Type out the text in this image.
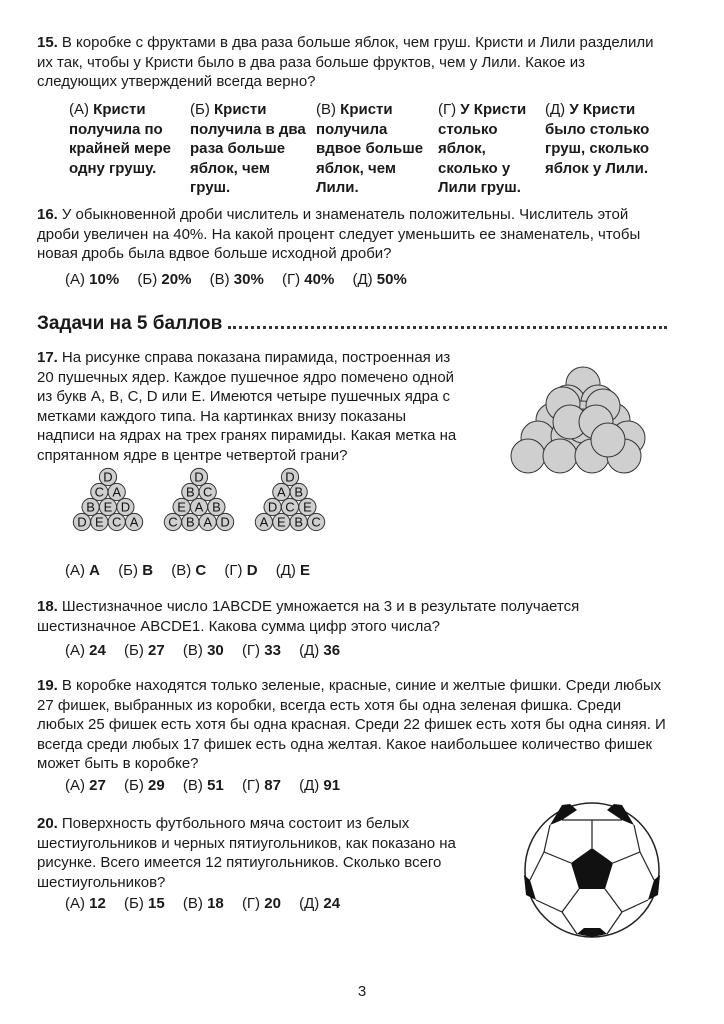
15. В коробке с фруктами в два раза больше яблок, чем груш. Кристи и Лили разделили их так, чтобы у Кристи было в два раза больше фруктов, чем у Лили. Какое из следующих утверждений всегда верно?
(А) Кристи получила по крайней мере одну грушу.
(Б) Кристи получила в два раза больше яблок, чем груш.
(В) Кристи получила вдвое больше яблок, чем Лили.
(Г) У Кристи столько яблок, сколько у Лили груш.
(Д) У Кристи было столько груш, сколько яблок у Лили.
16. У обыкновенной дроби числитель и знаменатель положительны. Числитель этой дроби увеличен на 40%. На какой процент следует уменьшить ее знаменатель, чтобы новая дробь была вдвое больше исходной дроби?
(А) 10% (Б) 20% (В) 30% (Г) 40% (Д) 50%
Задачи на 5 баллов
17. На рисунке справа показана пирамида, построенная из 20 пушечных ядер. Каждое пушечное ядро помечено одной из букв A, B, C, D или E. Имеются четыре пушечных ядра с метками каждого типа. На картинках внизу показаны надписи на ядрах на трех гранях пирамиды. Какая метка на спрятанном ядре в центре четвертой грани?
D
C A
B E D
D E C A
D
B C
E A B
C B A D
D
A B
D C E
A E B C
(А) A (Б) B (В) C (Г) D (Д) E
18. Шестизначное число 1ABCDE умножается на 3 и в результате получается шестизначное ABCDE1. Какова сумма цифр этого числа?
(А) 24 (Б) 27 (В) 30 (Г) 33 (Д) 36
19. В коробке находятся только зеленые, красные, синие и желтые фишки. Среди любых 27 фишек, выбранных из коробки, всегда есть хотя бы одна зеленая фишка. Среди любых 25 фишек есть хотя бы одна красная. Среди 22 фишек есть хотя бы одна синяя. И всегда среди любых 17 фишек есть одна желтая. Какое наибольшее количество фишек может быть в коробке?
(А) 27 (Б) 29 (В) 51 (Г) 87 (Д) 91
20. Поверхность футбольного мяча состоит из белых шестиугольников и черных пятиугольников, как показано на рисунке. Всего имеется 12 пятиугольников. Сколько всего шестиугольников?
(А) 12 (Б) 15 (В) 18 (Г) 20 (Д) 24
3
